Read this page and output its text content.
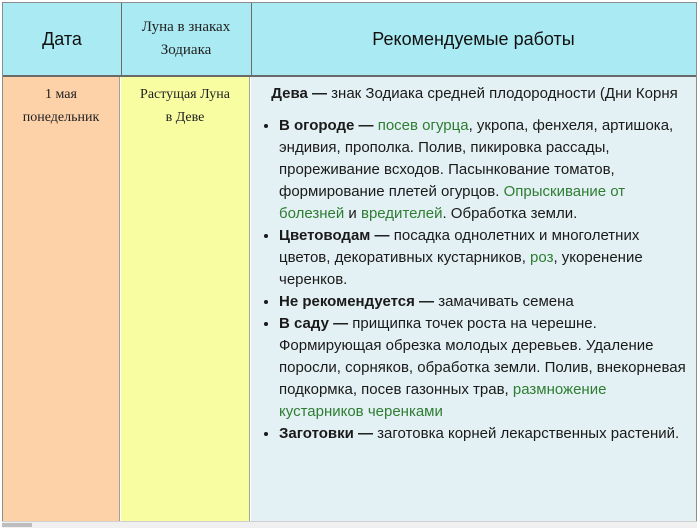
Дата
Луна в знаках Зодиака
Рекомендуемые работы
1 мая
понедельник
Растущая Луна
в Деве

Дева — знак Зодиака средней плодородности (Дни Корня

• В огороде — посев огурца, укропа, фенхеля, артишока, эндивия, прополка. Полив, пикировка рассады, прореживание всходов. Пасынкование томатов, формирование плетей огурцов. Опрыскивание от болезней и вредителей. Обработка земли.
• Цветоводам — посадка однолетних и многолетних цветов, декоративных кустарников, роз, укоренение черенков.
• Не рекомендуется — замачивать семена
• В саду — прищипка точек роста на черешне. Формирующая обрезка молодых деревьев. Удаление поросли, сорняков, обработка земли. Полив, внекорневая подкормка, посев газонных трав, размножение кустарников черенками
• Заготовки — заготовка корней лекарственных растений.
